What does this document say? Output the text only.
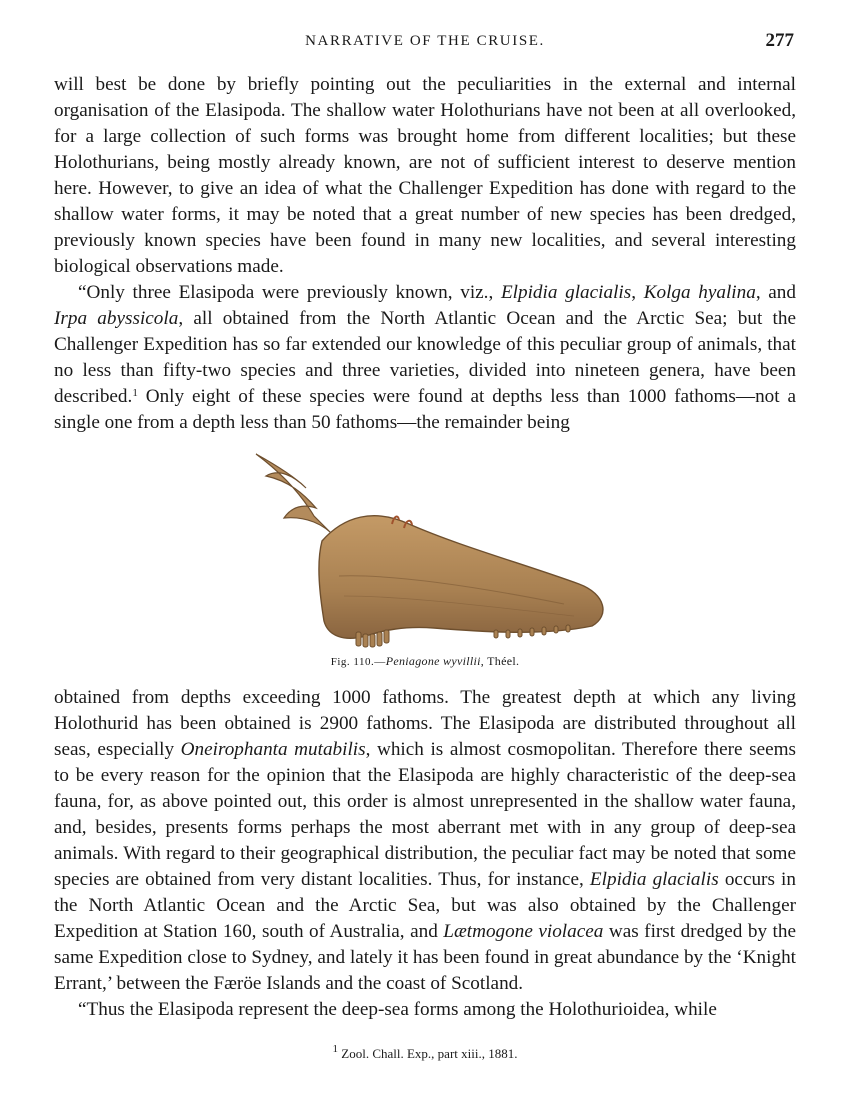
NARRATIVE OF THE CRUISE.	277

will best be done by briefly pointing out the peculiarities in the external and internal organisation of the Elasipoda. The shallow water Holothurians have not been at all overlooked, for a large collection of such forms was brought home from different localities; but these Holothurians, being mostly already known, are not of sufficient interest to deserve mention here. However, to give an idea of what the Challenger Expedition has done with regard to the shallow water forms, it may be noted that a great number of new species has been dredged, previously known species have been found in many new localities, and several interesting biological observations made.

“Only three Elasipoda were previously known, viz., Elpidia glacialis, Kolga hyalina, and Irpa abyssicola, all obtained from the North Atlantic Ocean and the Arctic Sea; but the Challenger Expedition has so far extended our knowledge of this peculiar group of animals, that no less than fifty-two species and three varieties, divided into nineteen genera, have been described.$^1$ Only eight of these species were found at depths less than 1000 fathoms—not a single one from a depth less than 50 fathoms—the remainder being

Fig. 110.—Peniagone wyvillii, Théel.

obtained from depths exceeding 1000 fathoms. The greatest depth at which any living Holothurid has been obtained is 2900 fathoms. The Elasipoda are distributed throughout all seas, especially Oneirophanta mutabilis, which is almost cosmopolitan. Therefore there seems to be every reason for the opinion that the Elasipoda are highly characteristic of the deep-sea fauna, for, as above pointed out, this order is almost unrepresented in the shallow water fauna, and, besides, presents forms perhaps the most aberrant met with in any group of deep-sea animals. With regard to their geographical distribution, the peculiar fact may be noted that some species are obtained from very distant localities. Thus, for instance, Elpidia glacialis occurs in the North Atlantic Ocean and the Arctic Sea, but was also obtained by the Challenger Expedition at Station 160, south of Australia, and Lætmogone violacea was first dredged by the same Expedition close to Sydney, and lately it has been found in great abundance by the ‘Knight Errant,’ between the Færöe Islands and the coast of Scotland.

“Thus the Elasipoda represent the deep-sea forms among the Holothurioidea, while

$^1$ Zool. Chall. Exp., part xiii., 1881.
